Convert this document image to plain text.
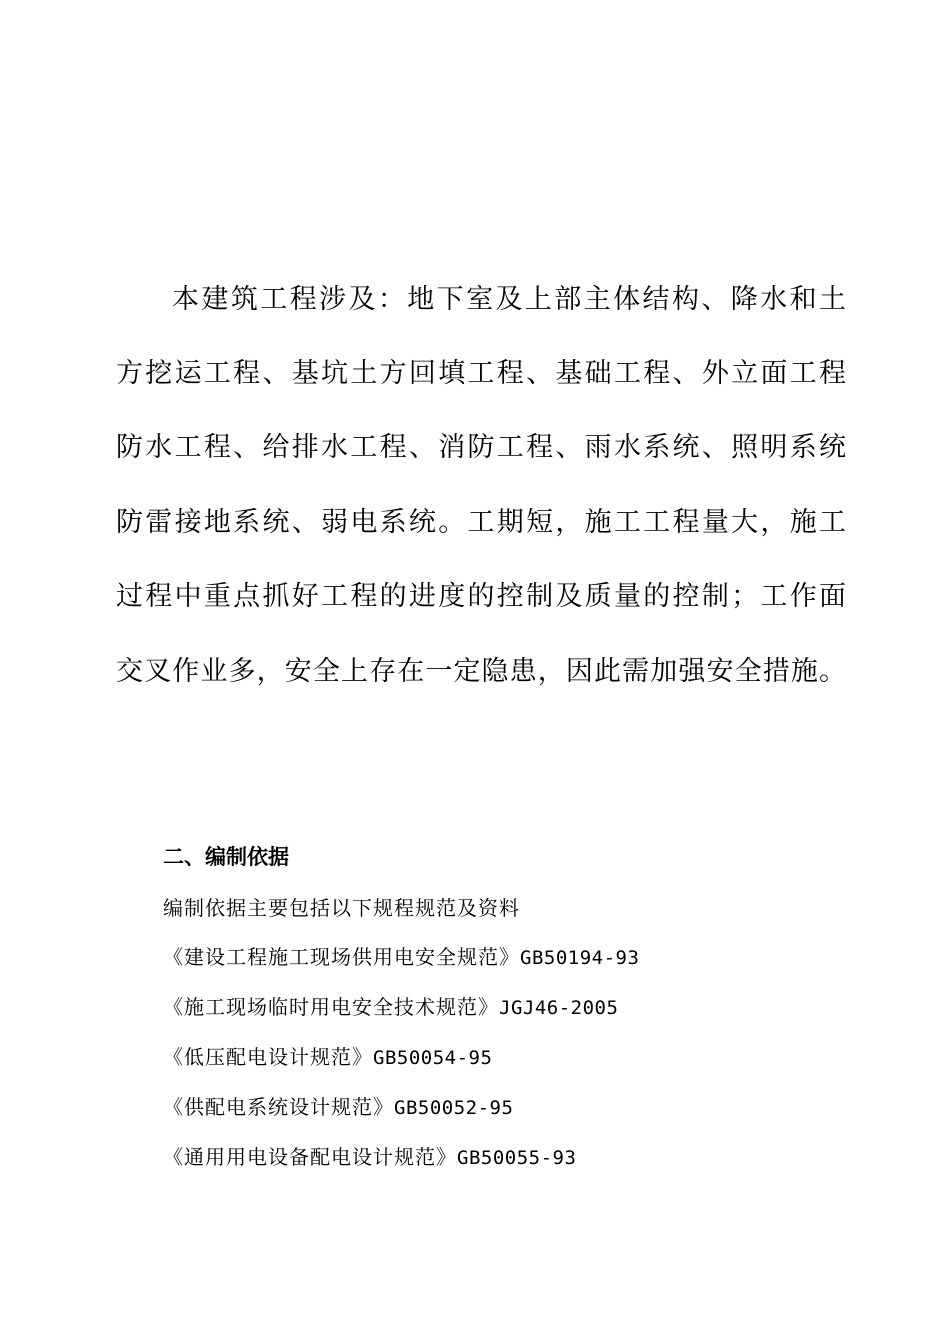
本建筑工程涉及：地下室及上部主体结构、降水和土
方挖运工程、基坑土方回填工程、基础工程、外立面工程
防水工程、给排水工程、消防工程、雨水系统、照明系统
防雷接地系统、弱电系统。工期短，施工工程量大，施工
过程中重点抓好工程的进度的控制及质量的控制；工作面
交叉作业多，安全上存在一定隐患，因此需加强安全措施。
二、编制依据
编制依据主要包括以下规程规范及资料
《建设工程施工现场供用电安全规范》GB50194-93
《施工现场临时用电安全技术规范》JGJ46-2005
《低压配电设计规范》GB50054-95
《供配电系统设计规范》GB50052-95
《通用用电设备配电设计规范》GB50055-93
